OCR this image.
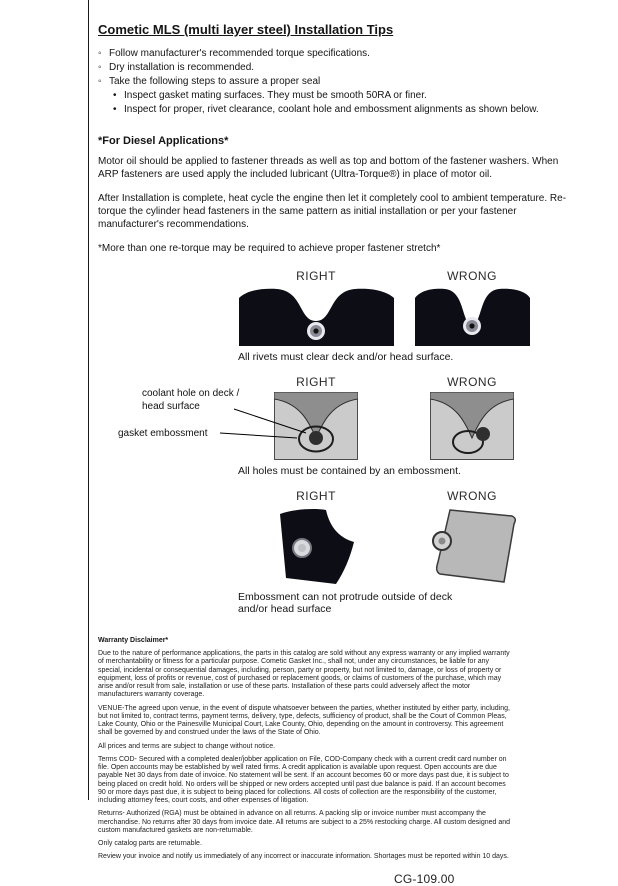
Cometic MLS (multi layer steel) Installation Tips
◦
Follow manufacturer's recommended torque specifications.
◦
Dry installation is recommended.
◦
Take the following steps to assure a proper seal
•
Inspect gasket mating surfaces. They must be smooth 50RA or finer.
•
Inspect for proper, rivet clearance, coolant hole and embossment alignments as shown below.
*For Diesel Applications*

Motor oil should be applied to fastener threads as well as top and bottom of the fastener washers. When ARP fasteners are used apply the included lubricant (Ultra-Torque®) in place of motor oil.

After Installation is complete, heat cycle the engine then let it completely cool to ambient temperature. Re-torque the cylinder head fasteners in the same pattern as initial installation or per your fastener manufacturer's recommendations.

*More than one re-torque may be required to achieve proper fastener stretch*

RIGHT	WRONG
All rivets must clear deck and/or head surface.
coolant hole on deck / head surface
gasket embossment
RIGHT	WRONG
All holes must be contained by an embossment.
RIGHT	WRONG
Embossment can not protrude outside of deck and/or head surface
Warranty Disclaimer*

Due to the nature of performance applications, the parts in this catalog are sold without any express warranty or any implied warranty of merchantability or fitness for a particular purpose. Cometic Gasket Inc., shall not, under any circumstances, be liable for any special, incidental or consequential damages, including, person, party or property, but not limited to, damage, or loss of property or equipment, loss of profits or revenue, cost of purchased or replacement goods, or claims of customers of the purchase, which may arise and/or result from sale, installation or use of these parts. Installation of these parts could adversely affect the motor manufacturers warranty coverage.

VENUE-The agreed upon venue, in the event of dispute whatsoever between the parties, whether instituted by either party, including, but not limited to, contract terms, payment terms, delivery, type, defects, sufficiency of product, shall be the Court of Common Pleas, Lake County, Ohio or the Painesville Municipal Court, Lake County, Ohio, depending on the amount in controversy. This agreement shall be governed by and construed under the laws of the State of Ohio.

All prices and terms are subject to change without notice.

Terms COD- Secured with a completed dealer/jobber application on File, COD-Company check with a current credit card number on file. Open accounts may be established by well rated firms. A credit application is available upon request. Open accounts are due payable Net 30 days from date of invoice. No statement will be sent. If an account becomes 60 or more days past due, it is subject to being placed on credit hold. No orders will be shipped or new orders accepted until past due balance is paid. If an account becomes 90 or more days past due, it is subject to being placed for collections. All costs of collection are the responsibility of the customer, including attorney fees, court costs, and other expenses of litigation.

Returns- Authorized (RGA) must be obtained in advance on all returns. A packing slip or invoice number must accompany the merchandise. No returns after 30 days from invoice date. All returns are subject to a 25% restocking charge. All custom designed and custom manufactured gaskets are non-returnable.

Only catalog parts are returnable.

Review your invoice and notify us immediately of any incorrect or inaccurate information. Shortages must be reported within 10 days.

CG-109.00
